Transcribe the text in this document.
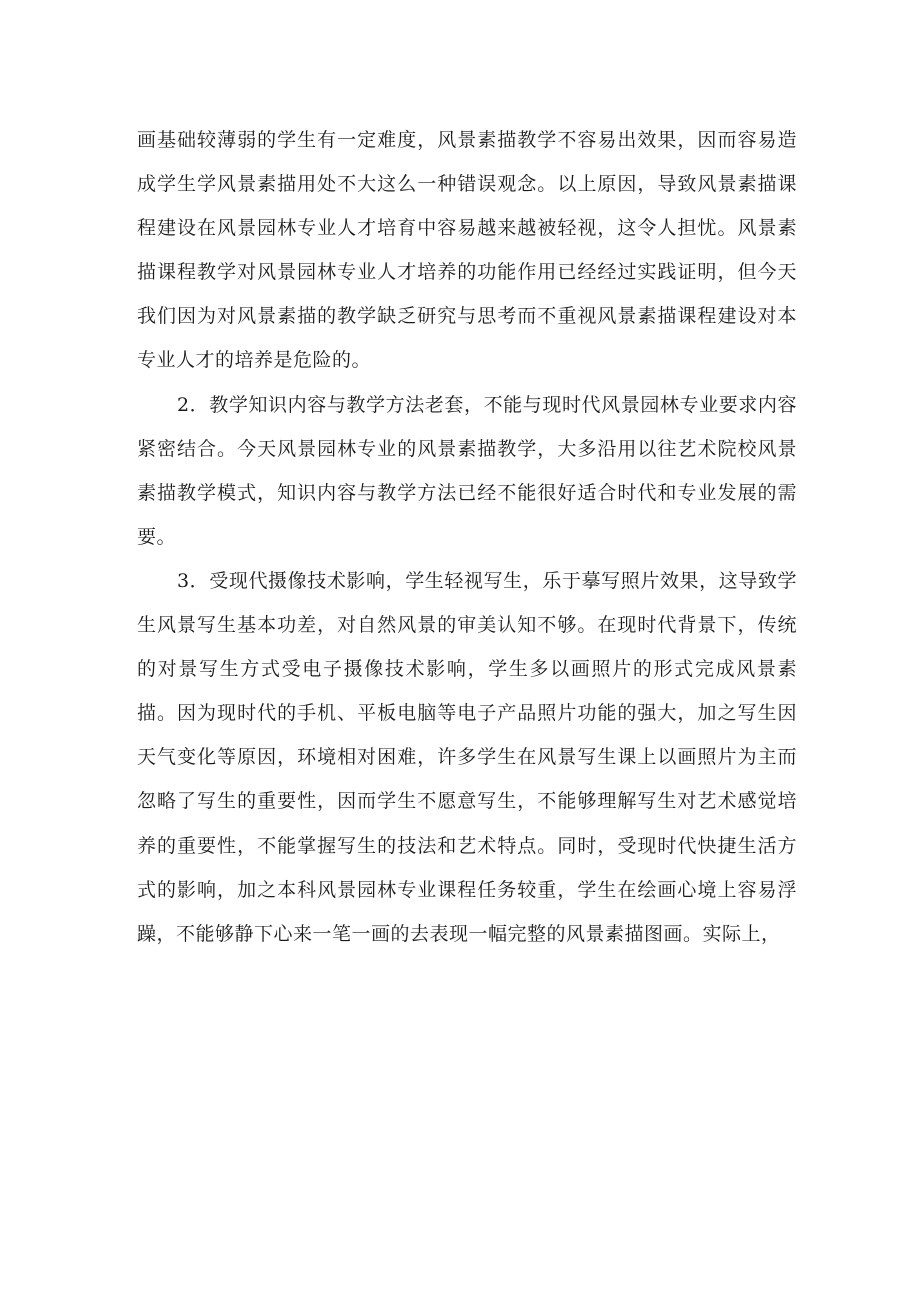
画基础较薄弱的学生有一定难度，风景素描教学不容易出效果，因而容易造成学生学风景素描用处不大这么一种错误观念。以上原因，导致风景素描课程建设在风景园林专业人才培育中容易越来越被轻视，这令人担忧。风景素描课程教学对风景园林专业人才培养的功能作用已经经过实践证明，但今天我们因为对风景素描的教学缺乏研究与思考而不重视风景素描课程建设对本专业人才的培养是危险的。

2．教学知识内容与教学方法老套，不能与现时代风景园林专业要求内容紧密结合。今天风景园林专业的风景素描教学，大多沿用以往艺术院校风景素描教学模式，知识内容与教学方法已经不能很好适合时代和专业发展的需要。

3．受现代摄像技术影响，学生轻视写生，乐于摹写照片效果，这导致学生风景写生基本功差，对自然风景的审美认知不够。在现时代背景下，传统的对景写生方式受电子摄像技术影响，学生多以画照片的形式完成风景素描。因为现时代的手机、平板电脑等电子产品照片功能的强大，加之写生因天气变化等原因，环境相对困难，许多学生在风景写生课上以画照片为主而忽略了写生的重要性，因而学生不愿意写生，不能够理解写生对艺术感觉培养的重要性，不能掌握写生的技法和艺术特点。同时，受现时代快捷生活方式的影响，加之本科风景园林专业课程任务较重，学生在绘画心境上容易浮躁，不能够静下心来一笔一画的去表现一幅完整的风景素描图画。实际上，
